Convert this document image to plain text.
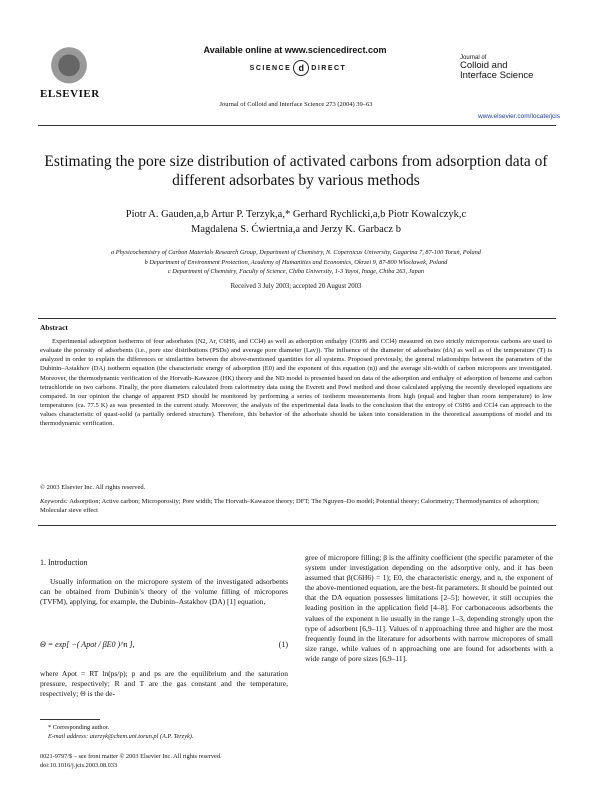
ELSEVIER
Available online at www.sciencedirect.com
SCIENCE d DIRECT
Journal of Colloid and Interface Science 273 (2004) 39–63
Journal of
Colloid and
Interface Science
www.elsevier.com/locate/jcis
Estimating the pore size distribution of activated carbons from adsorption data of different adsorbates by various methods
Piotr A. Gauden,a,b Artur P. Terzyk,a,* Gerhard Rychlicki,a,b Piotr Kowalczyk,c
Magdalena S. Ćwiertnia,a and Jerzy K. Garbacz b
a Physicochemistry of Carbon Materials Research Group, Department of Chemistry, N. Copernicus University, Gagarina 7, 87-100 Toruń, Poland
b Department of Environment Protection, Academy of Humanities and Economics, Okrzei 9, 87-800 Włocławek, Poland
c Department of Chemistry, Faculty of Science, Chiba University, 1-3 Yayoi, Inage, Chiba 263, Japan
Received 3 July 2003; accepted 20 August 2003
Abstract
Experimental adsorption isotherms of four adsorbates (N2, Ar, C6H6, and CCl4) as well as adsorption enthalpy (C6H6 and CCl4) measured on two strictly microporous carbons are used to evaluate the porosity of adsorbents (i.e., pore size distributions (PSDs) and average pore diameter (Lav)). The influence of the diameter of adsorbates (dA) as well as of the temperature (T) is analyzed in order to explain the differences or similarities between the above-mentioned quantities for all systems. Proposed previously, the general relationships between the parameters of the Dubinin–Astakhov (DA) isotherm equation (the characteristic energy of adsorption (E0) and the exponent of this equation (n)) and the average slit-width of carbon micropores are investigated. Moreover, the thermodynamic verification of the Horvath–Kawazoe (HK) theory and the ND model is presented based on data of the adsorption and enthalpy of adsorption of benzene and carbon tetrachloride on two carbons. Finally, the pore diameters calculated from calorimetry data using the Everett and Powl method and those calculated applying the recently developed equations are compared. In our opinion the change of apparent PSD should be monitored by performing a series of isotherm measurements from high (equal and higher than room temperature) to low temperatures (ca. 77.5 K) as was presented in the current study. Moreover, the analysis of the experimental data leads to the conclusion that the entropy of C6H6 and CCl4 can approach to the values characteristic of quasi-solid (a partially ordered structure). Therefore, this behavior of the adsorbate should be taken into consideration in the theoretical assumptions of model and its thermodynamic verification.
© 2003 Elsevier Inc. All rights reserved.
Keywords: Adsorption; Active carbon; Microporosity; Pore width; The Horvath–Kawazoe theory; DFT; The Nguyen–Do model; Potential theory; Calorimetry; Thermodynamics of adsorption; Molecular sieve effect
1. Introduction
Usually information on the micropore system of the investigated adsorbents can be obtained from Dubinin’s theory of the volume filling of micropores (TVFM), applying, for example, the Dubinin–Astakhov (DA) [1] equation,
Θ = exp[ −( Apot / βE0 )^n ],	(1)
where Apot = RT ln(ps/p); p and ps are the equilibrium and the saturation pressure, respectively; R and T are the gas constant and the temperature, respectively; Θ is the de-
* Corresponding author.
E-mail address: aterzyk@chem.uni.torun.pl (A.P. Terzyk).
0021-9797/$ – see front matter © 2003 Elsevier Inc. All rights reserved.
doi:10.1016/j.jcis.2003.08.033
gree of micropore filling; β is the affinity coefficient (the specific parameter of the system under investigation depending on the adsorptive only, and it has been assumed that β(C6H6) = 1); E0, the characteristic energy, and n, the exponent of the above-mentioned equation, are the best-fit parameters. It should be pointed out that the DA equation possesses limitations [2–5]; however, it still occupies the leading position in the application field [4–8]. For carbonaceous adsorbents the values of the exponent n lie usually in the range 1–3, depending strongly upon the type of adsorbent [6,9–11]. Values of n approaching three and higher are the most frequently found in the literature for adsorbents with narrow micropores of small size range, while values of n approaching one are found for adsorbents with a wide range of pore sizes [6,9–11].
